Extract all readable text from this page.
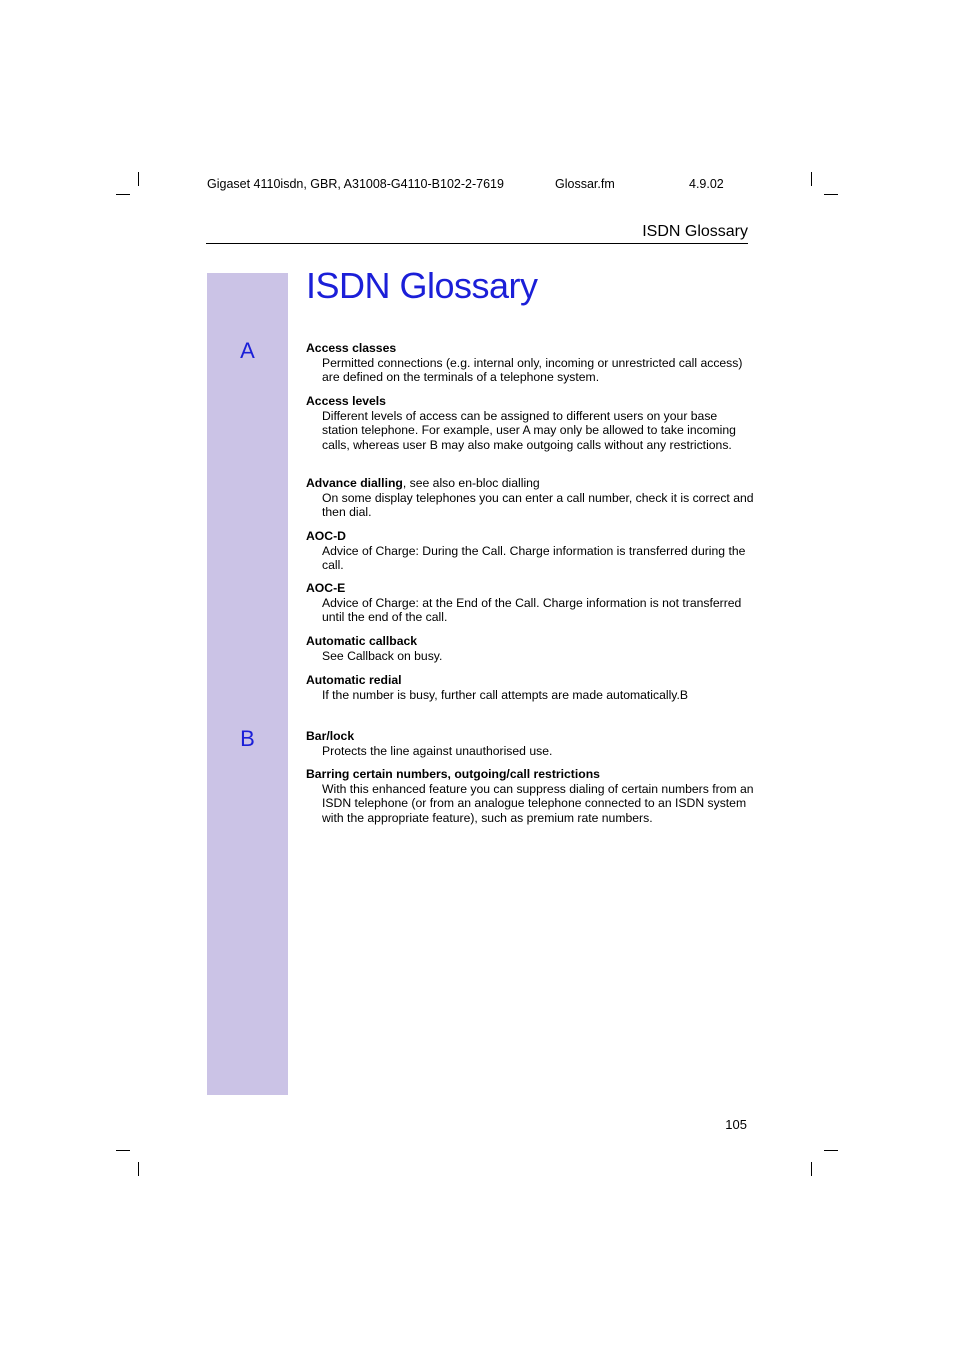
Gigaset 4110isdn, GBR, A31008-G4110-B102-2-7619	Glossar.fm	4.9.02
ISDN Glossary
A
B
ISDN Glossary

Access classes

Permitted connections (e.g. internal only, incoming or unrestricted call access) are defined on the terminals of a telephone system.

Access levels

Different levels of access can be assigned to different users on your base station telephone. For example, user A may only be allowed to take incoming calls, whereas user B may also make outgoing calls without any restrictions.

Advance dialling, see also en-bloc dialling

On some display telephones you can enter a call number, check it is correct and then dial.

AOC-D

Advice of Charge: During the Call. Charge information is transferred during the call.

AOC-E

Advice of Charge: at the End of the Call. Charge information is not transferred until the end of the call.

Automatic callback

See Callback on busy.

Automatic redial

If the number is busy, further call attempts are made automatically.B

Bar/lock

Protects the line against unauthorised use.

Barring certain numbers, outgoing/call restrictions

With this enhanced feature you can suppress dialing of certain numbers from an ISDN telephone (or from an analogue telephone connected to an ISDN system with the appropriate feature), such as premium rate numbers.

105
